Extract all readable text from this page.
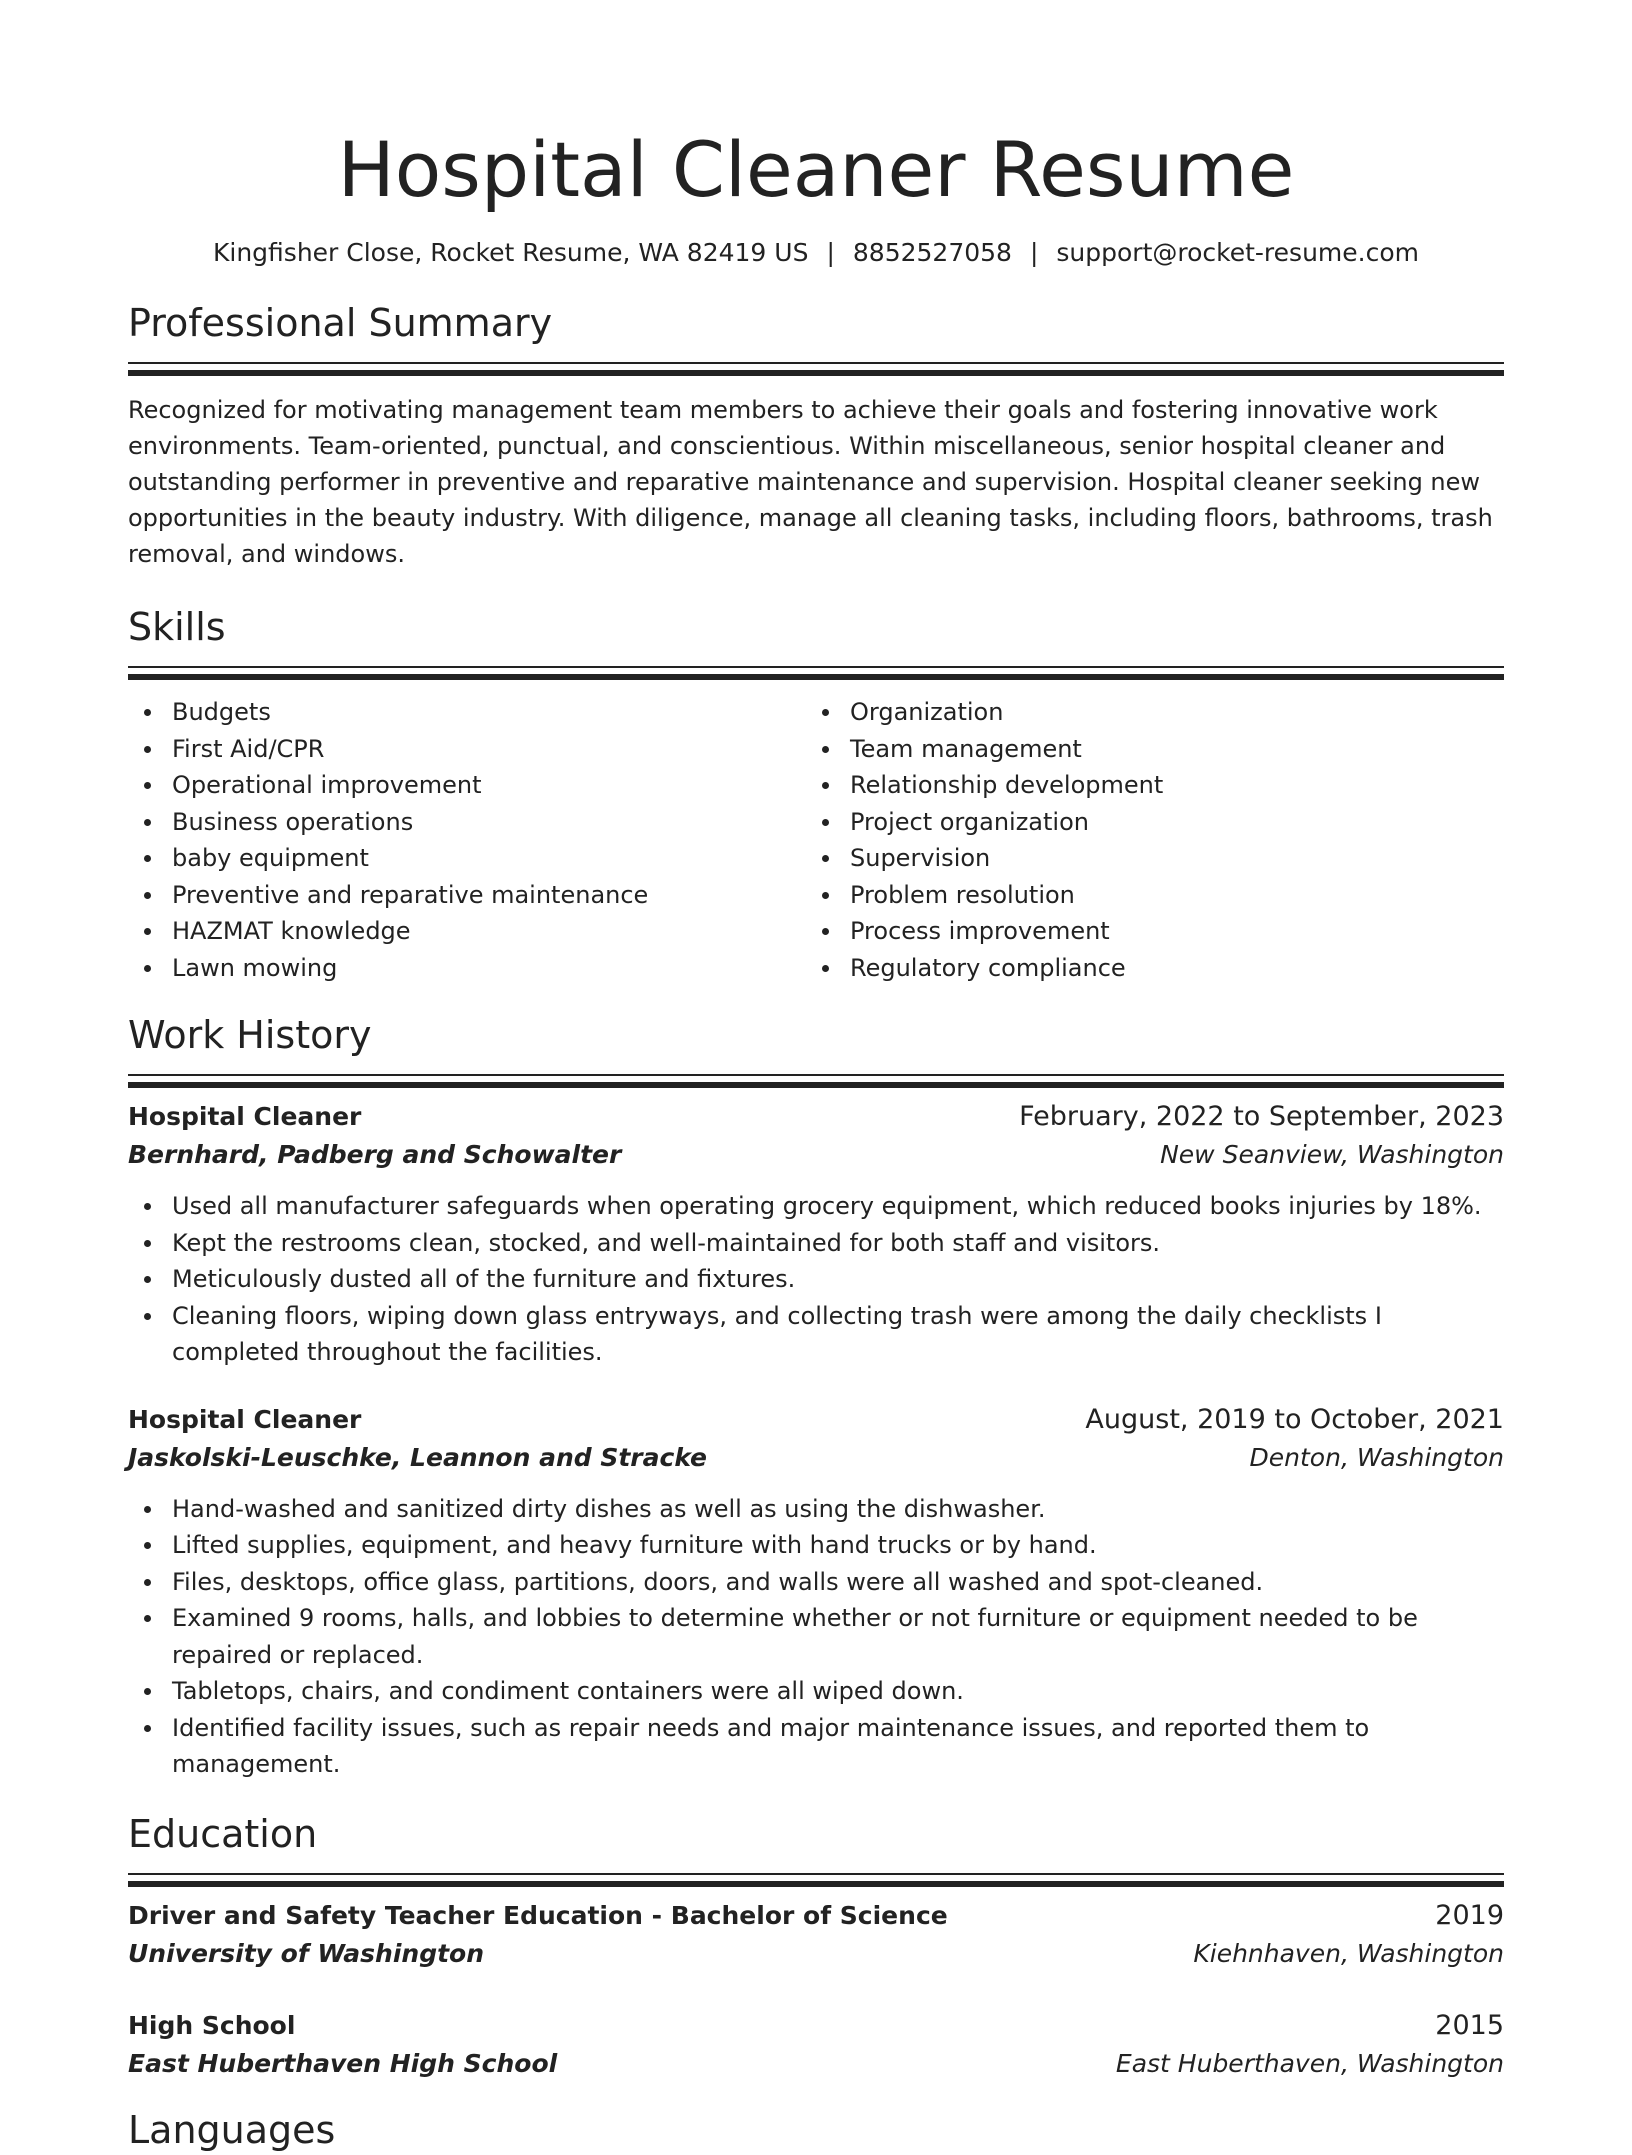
Hospital Cleaner Resume
Kingfisher Close, Rocket Resume, WA 82419 US | 8852527058 | support@rocket-resume.com
Professional Summary

Recognized for motivating management team members to achieve their goals and fostering innovative work environments. Team-oriented, punctual, and conscientious. Within miscellaneous, senior hospital cleaner and outstanding performer in preventive and reparative maintenance and supervision. Hospital cleaner seeking new opportunities in the beauty industry. With diligence, manage all cleaning tasks, including floors, bathrooms, trash removal, and windows.

Skills
Budgets
First Aid/CPR
Operational improvement
Business operations
baby equipment
Preventive and reparative maintenance
HAZMAT knowledge
Lawn mowing
Organization
Team management
Relationship development
Project organization
Supervision
Problem resolution
Process improvement
Regulatory compliance
Work History
Hospital Cleaner	February, 2022 to September, 2023
Bernhard, Padberg and Schowalter	New Seanview, Washington
Used all manufacturer safeguards when operating grocery equipment, which reduced books injuries by 18%.
Kept the restrooms clean, stocked, and well-maintained for both staff and visitors.
Meticulously dusted all of the furniture and fixtures.
Cleaning floors, wiping down glass entryways, and collecting trash were among the daily checklists I completed throughout the facilities.
Hospital Cleaner	August, 2019 to October, 2021
Jaskolski-Leuschke, Leannon and Stracke	Denton, Washington
Hand-washed and sanitized dirty dishes as well as using the dishwasher.
Lifted supplies, equipment, and heavy furniture with hand trucks or by hand.
Files, desktops, office glass, partitions, doors, and walls were all washed and spot-cleaned.
Examined 9 rooms, halls, and lobbies to determine whether or not furniture or equipment needed to be repaired or replaced.
Tabletops, chairs, and condiment containers were all wiped down.
Identified facility issues, such as repair needs and major maintenance issues, and reported them to management.
Education
Driver and Safety Teacher Education - Bachelor of Science	2019
University of Washington	Kiehnhaven, Washington
High School	2015
East Huberthaven High School	East Huberthaven, Washington
Languages
